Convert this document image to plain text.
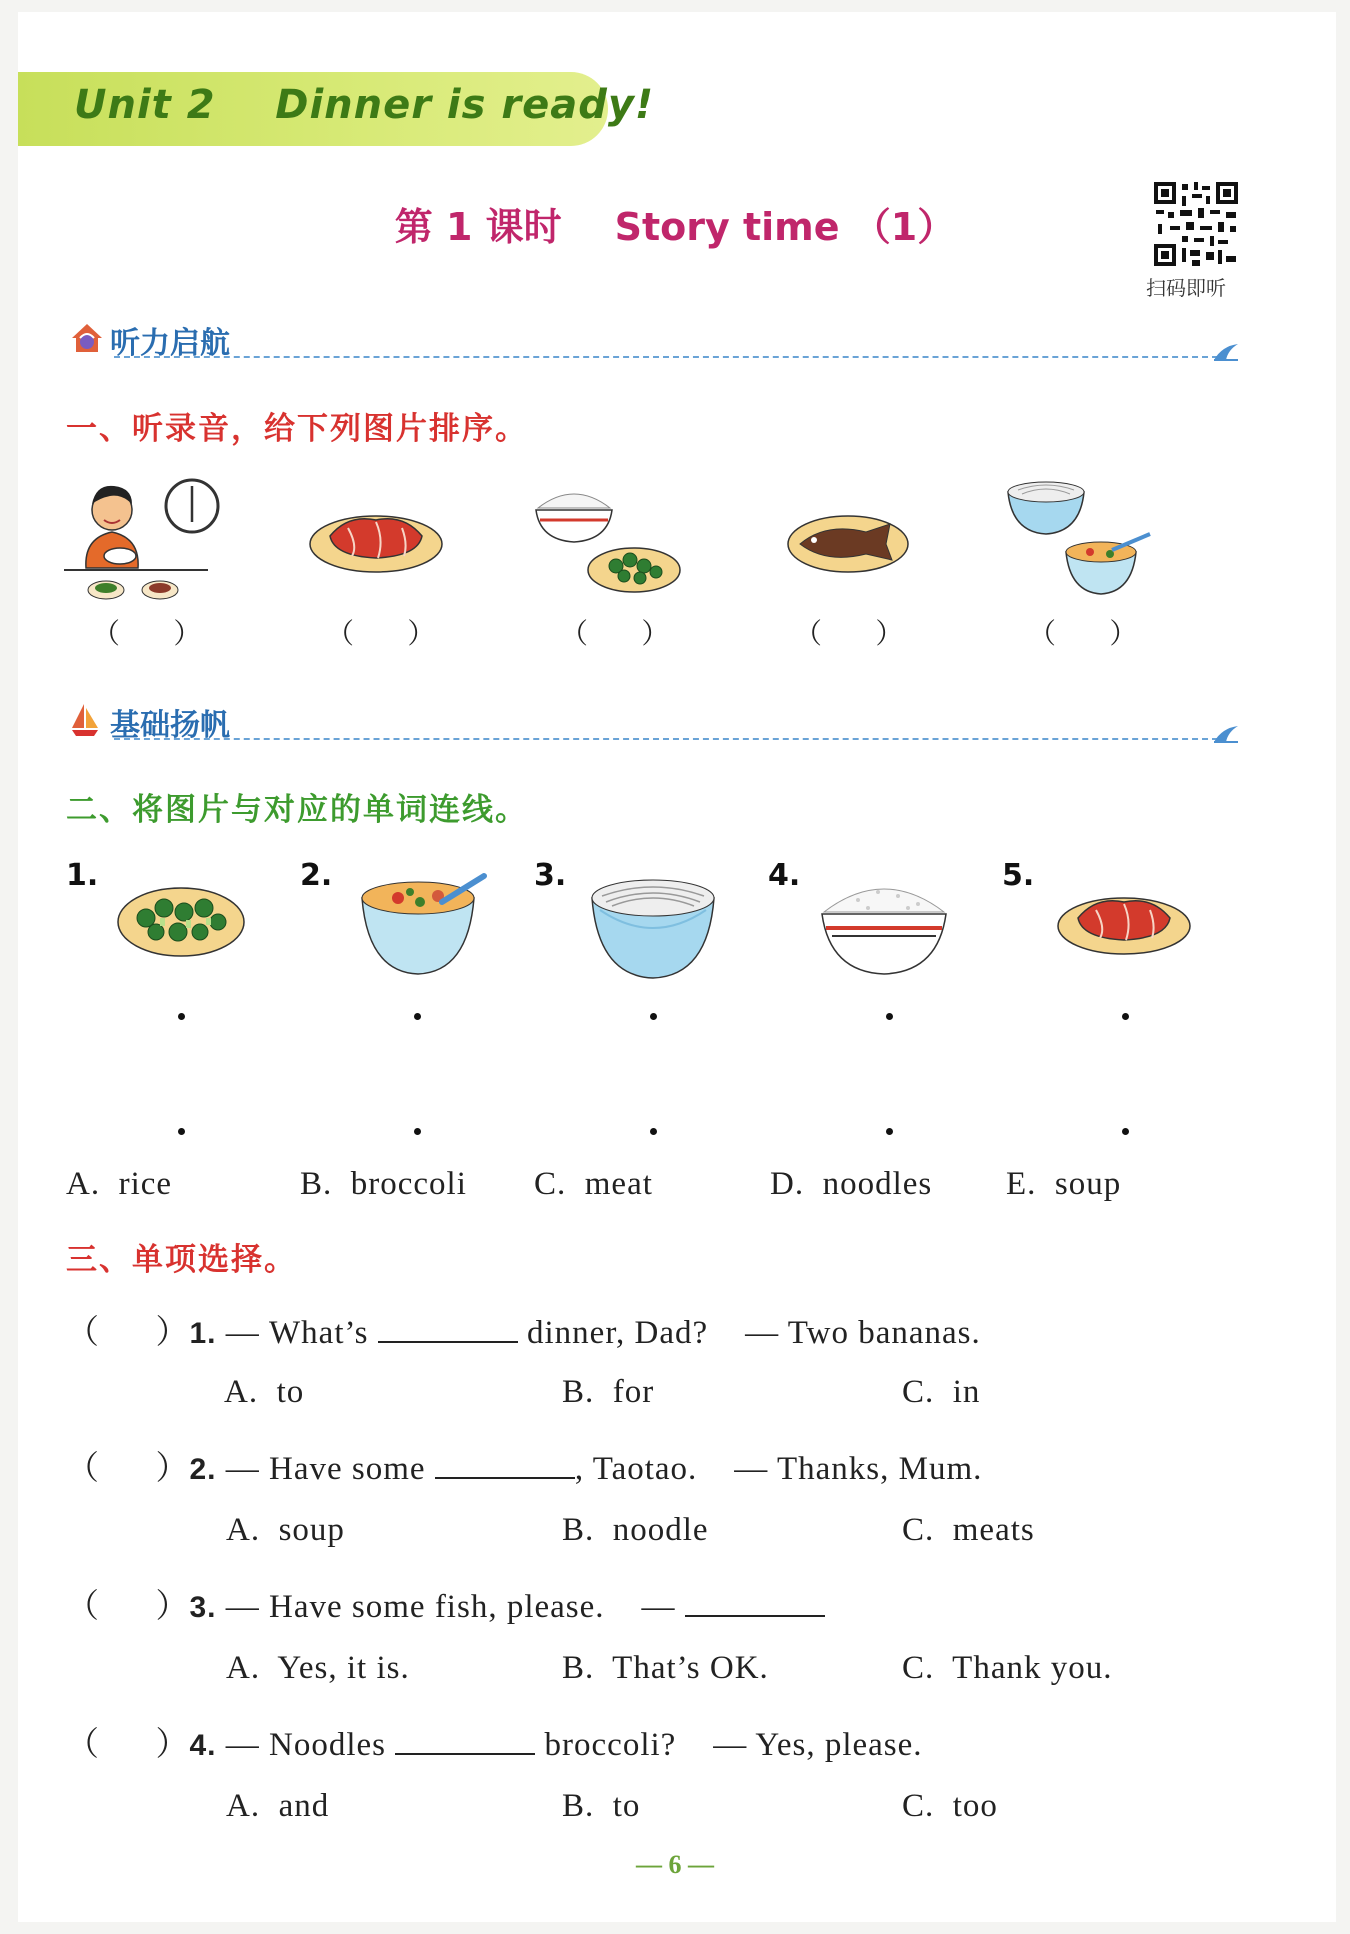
Unit 2    Dinner is ready!
第 1 课时    Story time （1）
扫码即听
听力启航
一、听录音，给下列图片排序。
（      ）	（      ）	（      ）	（      ）	（      ）
基础扬帆
二、将图片与对应的单词连线。
1.	2.	3.	4.	5.
A.  rice	B.  broccoli C.  meat	D.  noodles E.  soup
三、单项选择。
（      ）1. — What’s	dinner, Dad?    — Two bananas.
A.  to	B.  for	C.  in
（      ）2. — Have some	, Taotao.    — Thanks, Mum.
A.  soup	B.  noodle	C.  meats
（      ）3. — Have some fish, please.    —
A.  Yes, it is.	B.  That’s OK.	C.  Thank you.
（      ）4. — Noodles	broccoli?    — Yes, please.
A.  and	B.  to	C.  too
— 6 —
